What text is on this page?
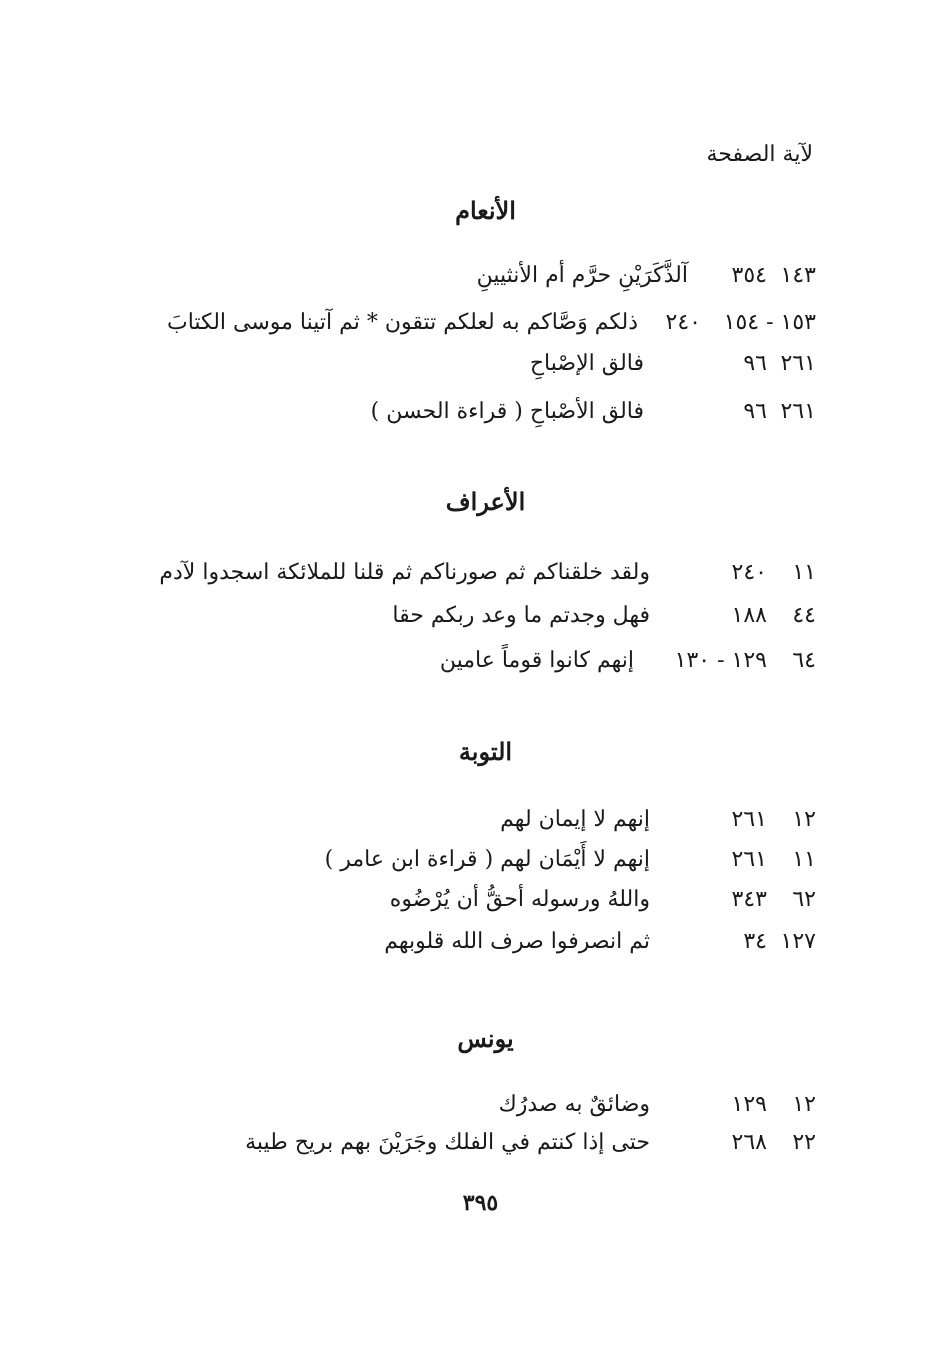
لآية الصفحة
الأنعام
١٤٣ ٣٥٤ آلذَّكَرَيْنِ حرَّم أم الأنثيينِ
١٥٣ - ١٥٤ ٢٤٠ ذلكم وَصَّاكم به لعلكم تتقون * ثم آتينا موسى الكتابَ
٢٦١ ٩٦ فالق الإصْباحِ
٢٦١ ٩٦ فالق الأصْباحِ ( قراءة الحسن )
الأعراف
١١ ٢٤٠ ولقد خلقناكم ثم صورناكم ثم قلنا للملائكة اسجدوا لآدم
٤٤ ١٨٨ فهل وجدتم ما وعد ربكم حقا
٦٤ ١٢٩ - ١٣٠ إنهم كانوا قوماً عامين
التوبة
١٢ ٢٦١ إنهم لا إيمان لهم
١١ ٢٦١ إنهم لا أَيْمَان لهم ( قراءة ابن عامر )
٦٢ ٣٤٣ واللهُ ورسوله أحقُّ أن يُرْضُوه
١٢٧ ٣٤ ثم انصرفوا صرف الله قلوبهم
يونس
١٢ ١٢٩ وضائقٌ به صدرُك
٢٢ ٢٦٨ حتى إذا كنتم في الفلك وجَرَيْنَ بهم بريح طيبة
٣٩٥
